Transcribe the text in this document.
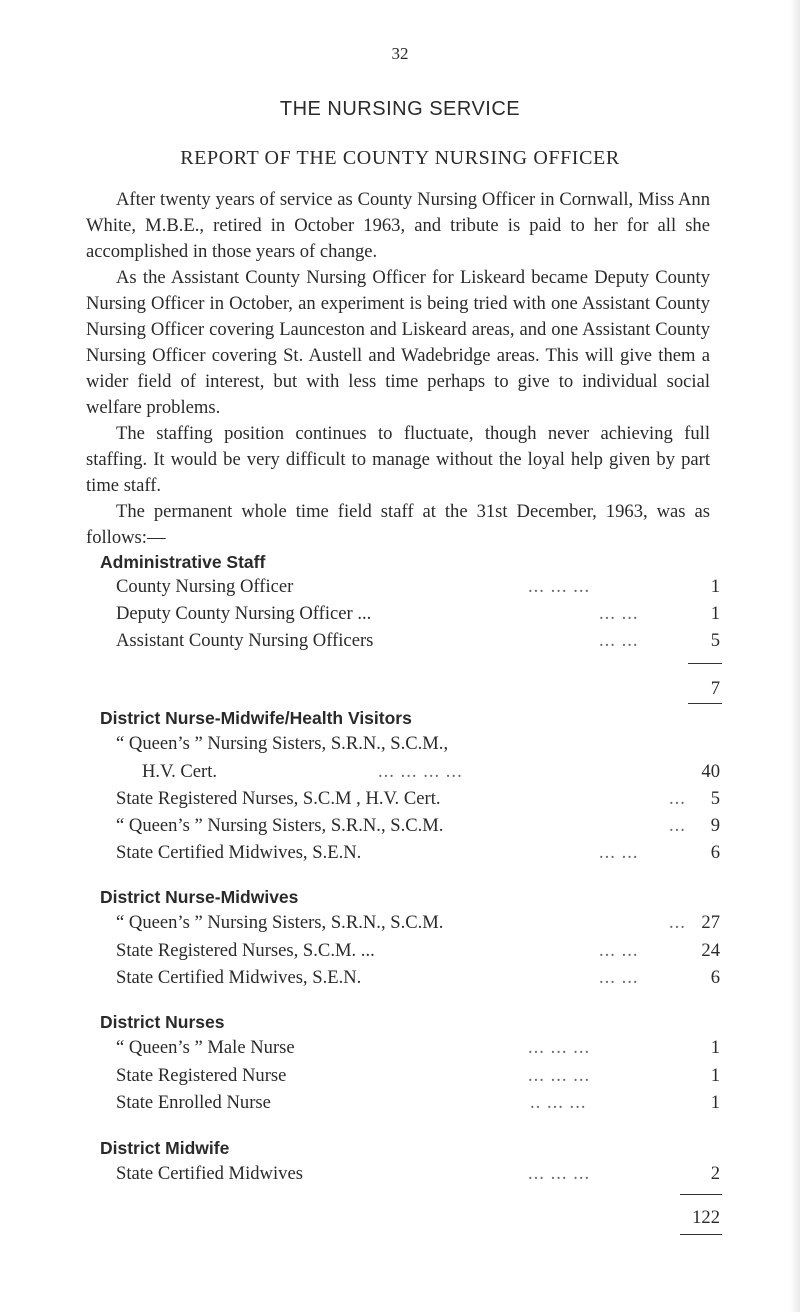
32
THE NURSING SERVICE
REPORT OF THE COUNTY NURSING OFFICER

After twenty years of service as County Nursing Officer in Cornwall, Miss Ann White, M.B.E., retired in October 1963, and tribute is paid to her for all she accomplished in those years of change.

As the Assistant County Nursing Officer for Liskeard became Deputy County Nursing Officer in October, an experiment is being tried with one Assistant County Nursing Officer covering Launceston and Liskeard areas, and one Assistant County Nursing Officer covering St. Austell and Wadebridge areas. This will give them a wider field of interest, but with less time perhaps to give to individual social welfare problems.

The staffing position continues to fluctuate, though never achieving full staffing. It would be very difficult to manage without the loyal help given by part time staff.

The permanent whole time field staff at the 31st December, 1963, was as follows:—

Administrative Staff
County Nursing Officer	... ... ...	1
Deputy County Nursing Officer ...	... ...	1
Assistant County Nursing Officers	... ...	5
7
District Nurse-Midwife/Health Visitors
“ Queen’s ” Nursing Sisters, S.R.N., S.C.M.,
H.V. Cert.	... ... ... ...	40
State Registered Nurses, S.C.M , H.V. Cert.	...	5
“ Queen’s ” Nursing Sisters, S.R.N., S.C.M.	...	9
State Certified Midwives, S.E.N.	... ...	6
District Nurse-Midwives
“ Queen’s ” Nursing Sisters, S.R.N., S.C.M.	... 27
State Registered Nurses, S.C.M. ...	... ...	24
State Certified Midwives, S.E.N.	... ...	6
District Nurses
“ Queen’s ” Male Nurse	... ... ...	1
State Registered Nurse	... ... ...	1
State Enrolled Nurse	.. ... ...	1
District Midwife
State Certified Midwives	... ... ...	2
122
